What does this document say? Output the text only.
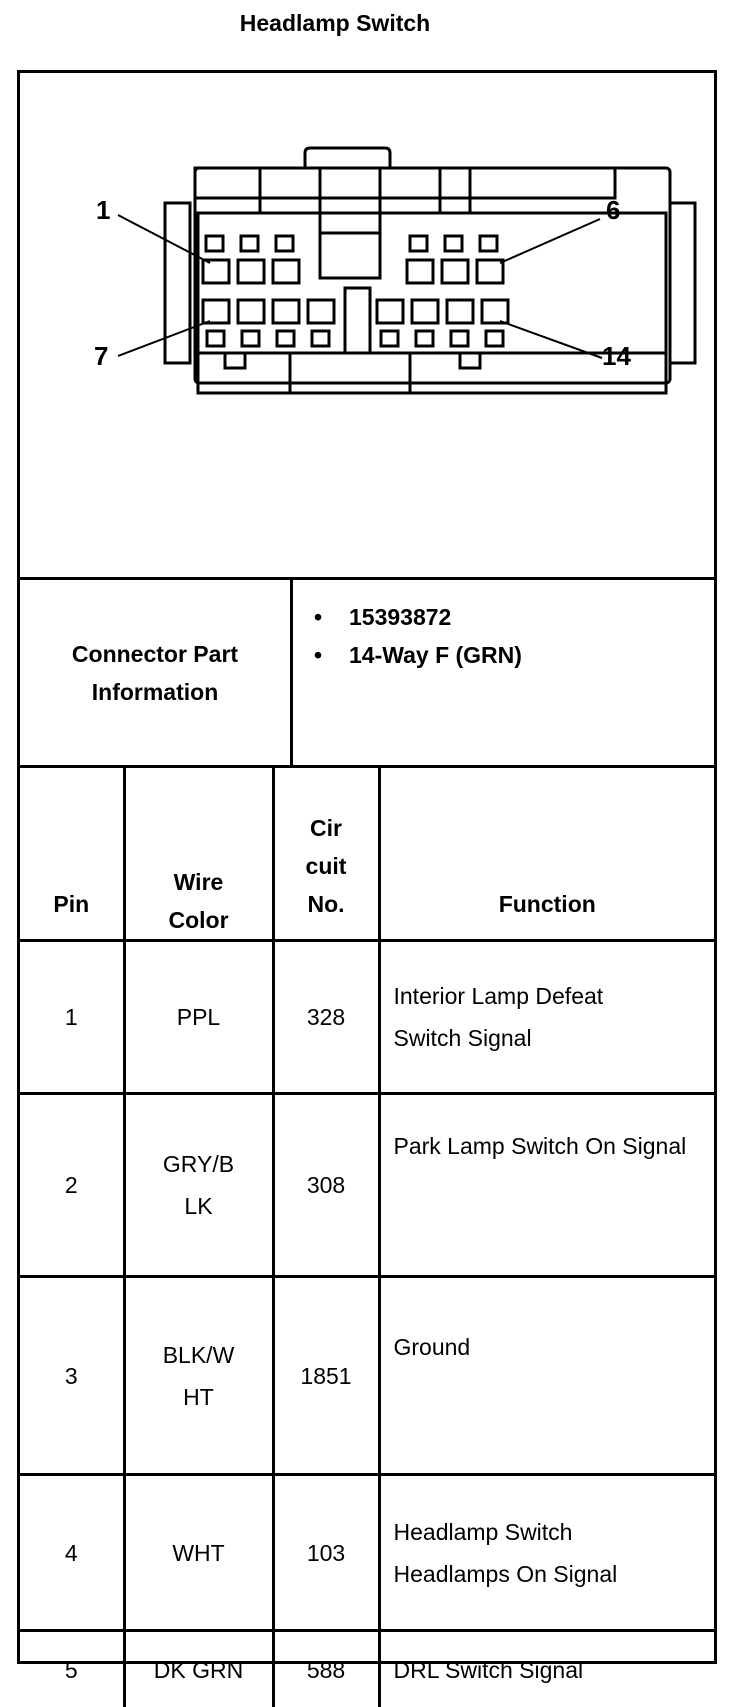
Headlamp Switch
1	6
7	14
Connector Part Information
• 15393872
• 14-Way F (GRN)
Pin	Wire Color	Cir cuit No.	Function
1	PPL	328	Interior Lamp Defeat Switch Signal
2	GRY/B LK	308	Park Lamp Switch On Signal
3	BLK/W HT	1851	Ground
4	WHT	103	Headlamp Switch Headlamps On Signal
5	DK GRN	588	DRL Switch Signal
